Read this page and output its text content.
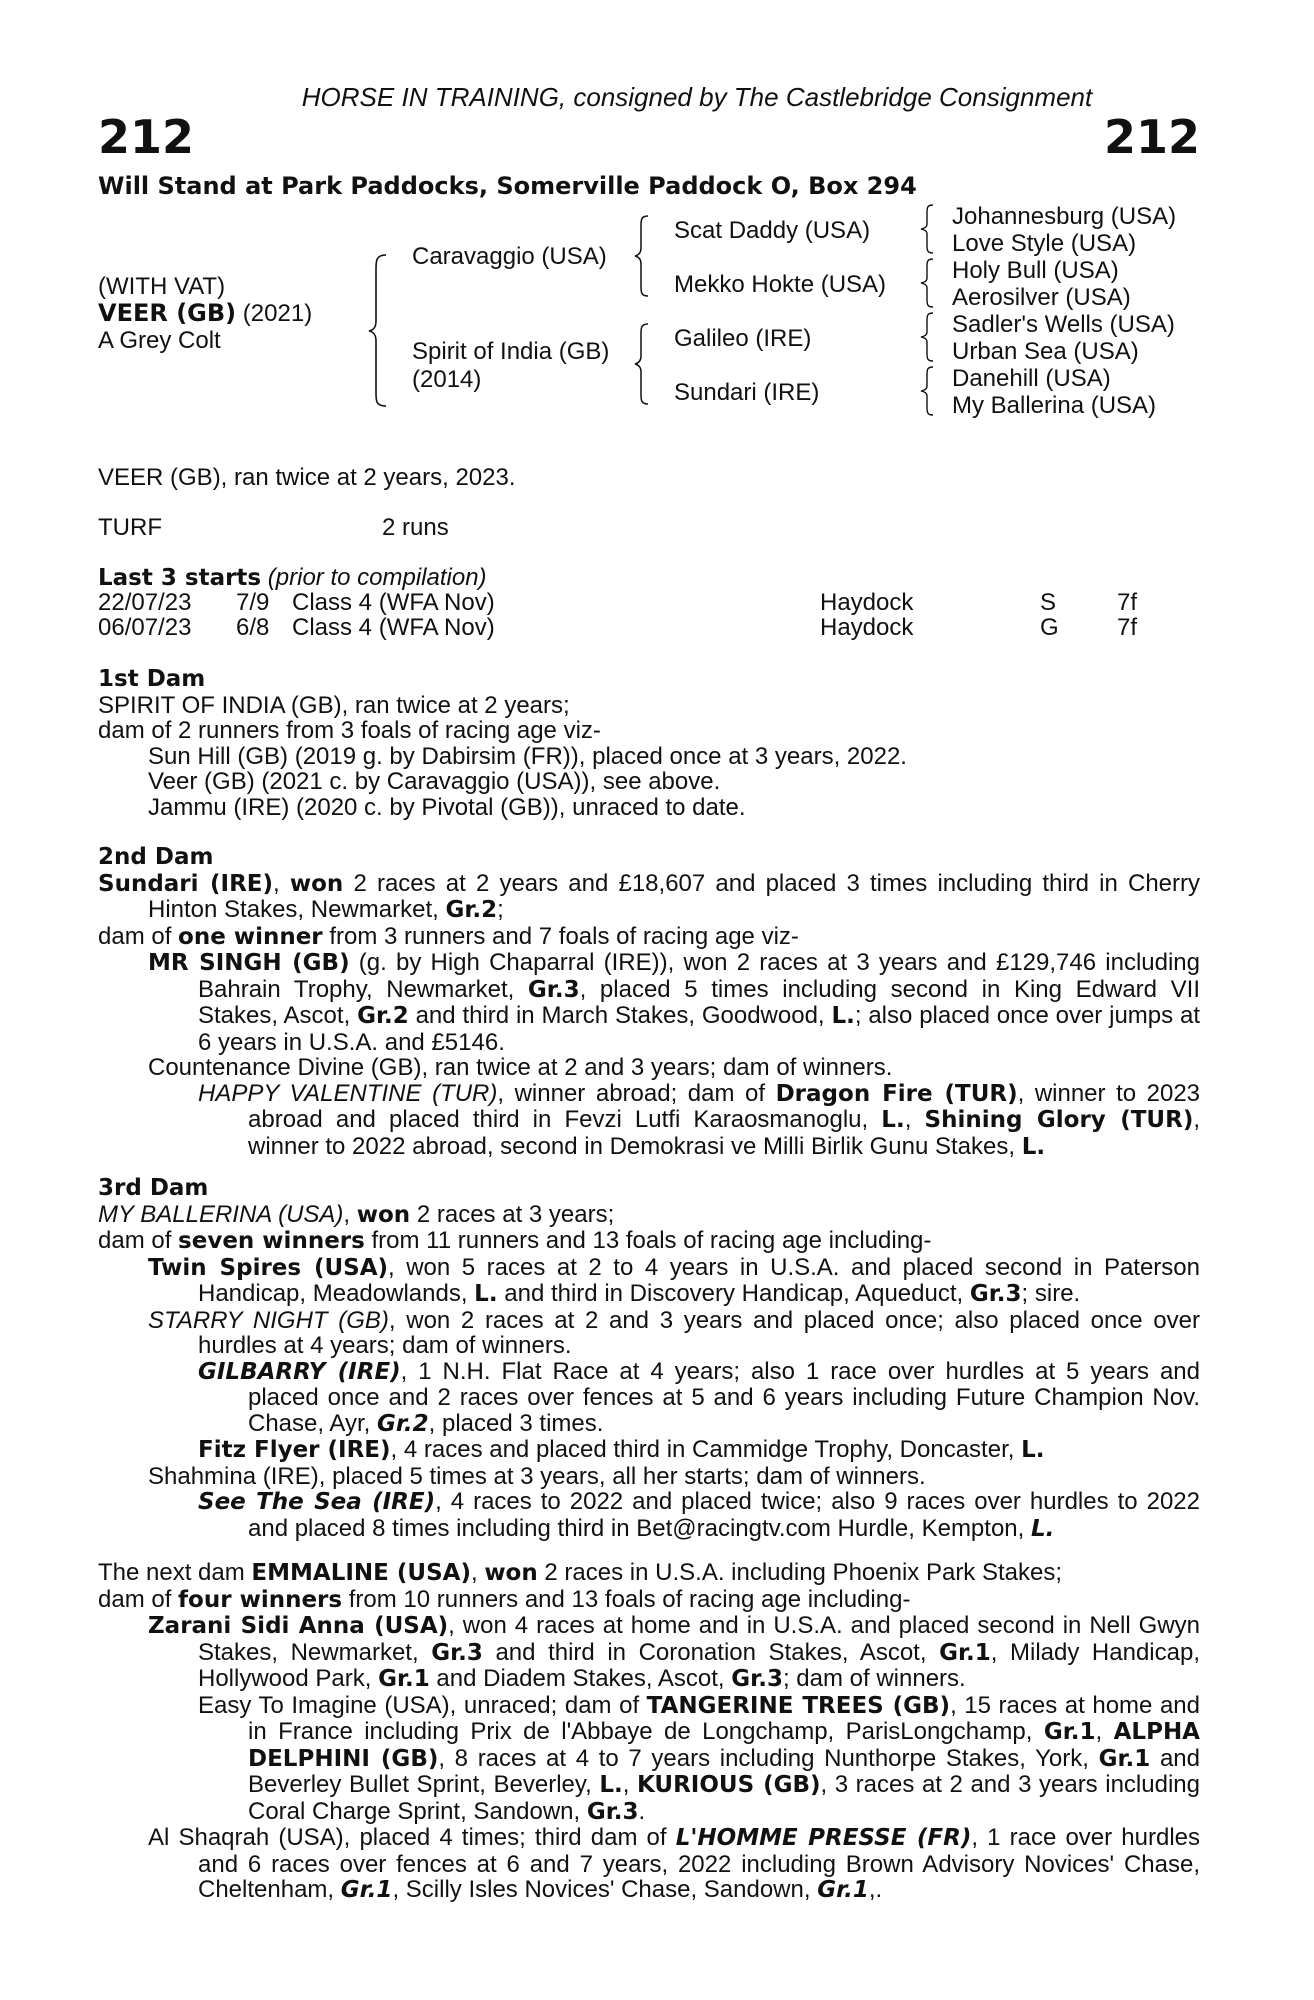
HORSE IN TRAINING, consigned by The Castlebridge Consignment
212	212
Will Stand at Park Paddocks, Somerville Paddock O, Box 294
(WITH VAT)
VEER (GB) (2021)
A Grey Colt
Caravaggio (USA)
Spirit of India (GB)
(2014)
Scat Daddy (USA)
Mekko Hokte (USA)
Galileo (IRE)
Sundari (IRE)
Johannesburg (USA)
Love Style (USA)
Holy Bull (USA)
Aerosilver (USA)
Sadler's Wells (USA)
Urban Sea (USA)
Danehill (USA)
My Ballerina (USA)
VEER (GB), ran twice at 2 years, 2023.
TURF	2 runs
Last 3 starts (prior to compilation)
22/07/23 7/9 Class 4 (WFA Nov)	Haydock	S	7f
06/07/23 6/8 Class 4 (WFA Nov)	Haydock	G 7f

1st Dam

SPIRIT OF INDIA (GB), ran twice at 2 years;

dam of 2 runners from 3 foals of racing age viz-

Sun Hill (GB) (2019 g. by Dabirsim (FR)), placed once at 3 years, 2022.

Veer (GB) (2021 c. by Caravaggio (USA)), see above.

Jammu (IRE) (2020 c. by Pivotal (GB)), unraced to date.

2nd Dam

Sundari (IRE), won 2 races at 2 years and £18,607 and placed 3 times including third in Cherry Hinton Stakes, Newmarket, Gr.2;

dam of one winner from 3 runners and 7 foals of racing age viz-

MR SINGH (GB) (g. by High Chaparral (IRE)), won 2 races at 3 years and £129,746 including Bahrain Trophy, Newmarket, Gr.3, placed 5 times including second in King Edward VII Stakes, Ascot, Gr.2 and third in March Stakes, Goodwood, L.; also placed once over jumps at 6 years in U.S.A. and £5146.

Countenance Divine (GB), ran twice at 2 and 3 years; dam of winners.

HAPPY VALENTINE (TUR), winner abroad; dam of Dragon Fire (TUR), winner to 2023 abroad and placed third in Fevzi Lutfi Karaosmanoglu, L., Shining Glory (TUR), winner to 2022 abroad, second in Demokrasi ve Milli Birlik Gunu Stakes, L.

3rd Dam

MY BALLERINA (USA), won 2 races at 3 years;

dam of seven winners from 11 runners and 13 foals of racing age including-

Twin Spires (USA), won 5 races at 2 to 4 years in U.S.A. and placed second in Paterson Handicap, Meadowlands, L. and third in Discovery Handicap, Aqueduct, Gr.3; sire.

STARRY NIGHT (GB), won 2 races at 2 and 3 years and placed once; also placed once over hurdles at 4 years; dam of winners.

GILBARRY (IRE), 1 N.H. Flat Race at 4 years; also 1 race over hurdles at 5 years and placed once and 2 races over fences at 5 and 6 years including Future Champion Nov. Chase, Ayr, Gr.2, placed 3 times.

Fitz Flyer (IRE), 4 races and placed third in Cammidge Trophy, Doncaster, L.

Shahmina (IRE), placed 5 times at 3 years, all her starts; dam of winners.

See The Sea (IRE), 4 races to 2022 and placed twice; also 9 races over hurdles to 2022 and placed 8 times including third in Bet@racingtv.com Hurdle, Kempton, L.

The next dam EMMALINE (USA), won 2 races in U.S.A. including Phoenix Park Stakes;

dam of four winners from 10 runners and 13 foals of racing age including-

Zarani Sidi Anna (USA), won 4 races at home and in U.S.A. and placed second in Nell Gwyn Stakes, Newmarket, Gr.3 and third in Coronation Stakes, Ascot, Gr.1, Milady Handicap, Hollywood Park, Gr.1 and Diadem Stakes, Ascot, Gr.3; dam of winners.

Easy To Imagine (USA), unraced; dam of TANGERINE TREES (GB), 15 races at home and in France including Prix de l'Abbaye de Longchamp, ParisLongchamp, Gr.1, ALPHA DELPHINI (GB), 8 races at 4 to 7 years including Nunthorpe Stakes, York, Gr.1 and Beverley Bullet Sprint, Beverley, L., KURIOUS (GB), 3 races at 2 and 3 years including Coral Charge Sprint, Sandown, Gr.3.

Al Shaqrah (USA), placed 4 times; third dam of L'HOMME PRESSE (FR), 1 race over hurdles and 6 races over fences at 6 and 7 years, 2022 including Brown Advisory Novices' Chase, Cheltenham, Gr.1, Scilly Isles Novices' Chase, Sandown, Gr.1,.
